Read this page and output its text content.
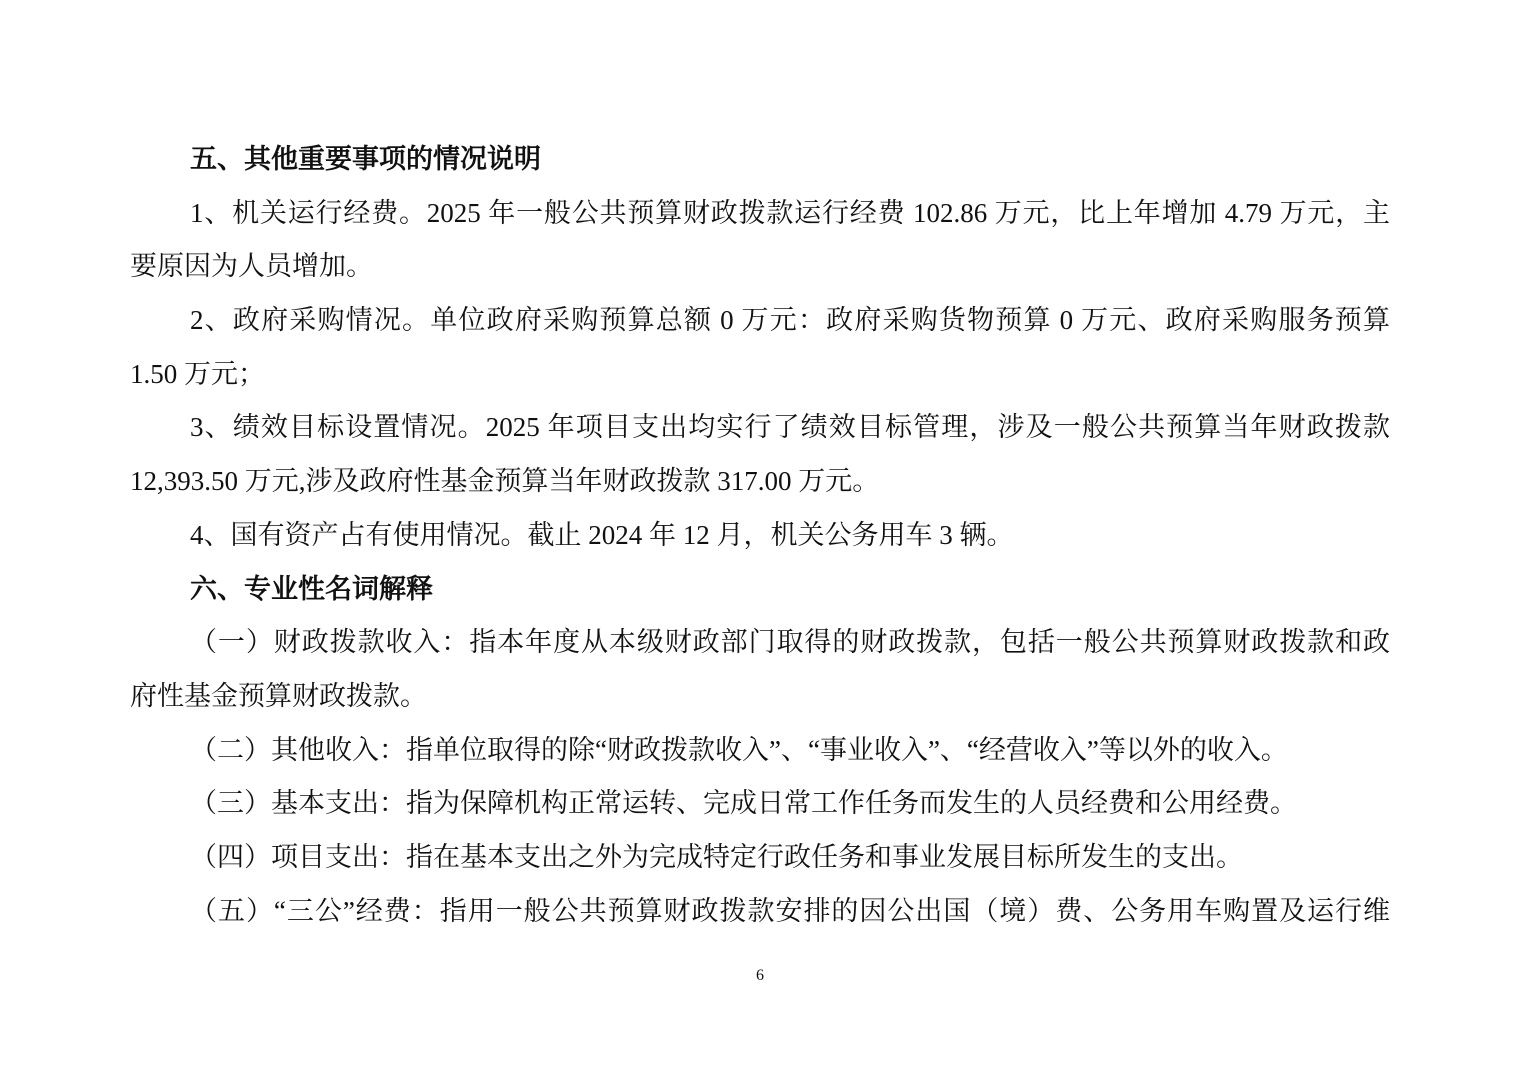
五、其他重要事项的情况说明
1、机关运行经费。2025 年一般公共预算财政拨款运行经费 102.86 万元，比上年增加 4.79 万元，主
要原因为人员增加。
2、政府采购情况。单位政府采购预算总额 0 万元：政府采购货物预算 0 万元、政府采购服务预算
1.50 万元；
3、绩效目标设置情况。2025 年项目支出均实行了绩效目标管理，涉及一般公共预算当年财政拨款
12,393.50 万元,涉及政府性基金预算当年财政拨款 317.00 万元。
4、国有资产占有使用情况。截止 2024 年 12 月，机关公务用车 3 辆。
六、专业性名词解释
（一）财政拨款收入：指本年度从本级财政部门取得的财政拨款，包括一般公共预算财政拨款和政
府性基金预算财政拨款。
（二）其他收入：指单位取得的除“财政拨款收入”、“事业收入”、“经营收入”等以外的收入。
（三）基本支出：指为保障机构正常运转、完成日常工作任务而发生的人员经费和公用经费。
（四）项目支出：指在基本支出之外为完成特定行政任务和事业发展目标所发生的支出。
（五）“三公”经费：指用一般公共预算财政拨款安排的因公出国（境）费、公务用车购置及运行维
6
